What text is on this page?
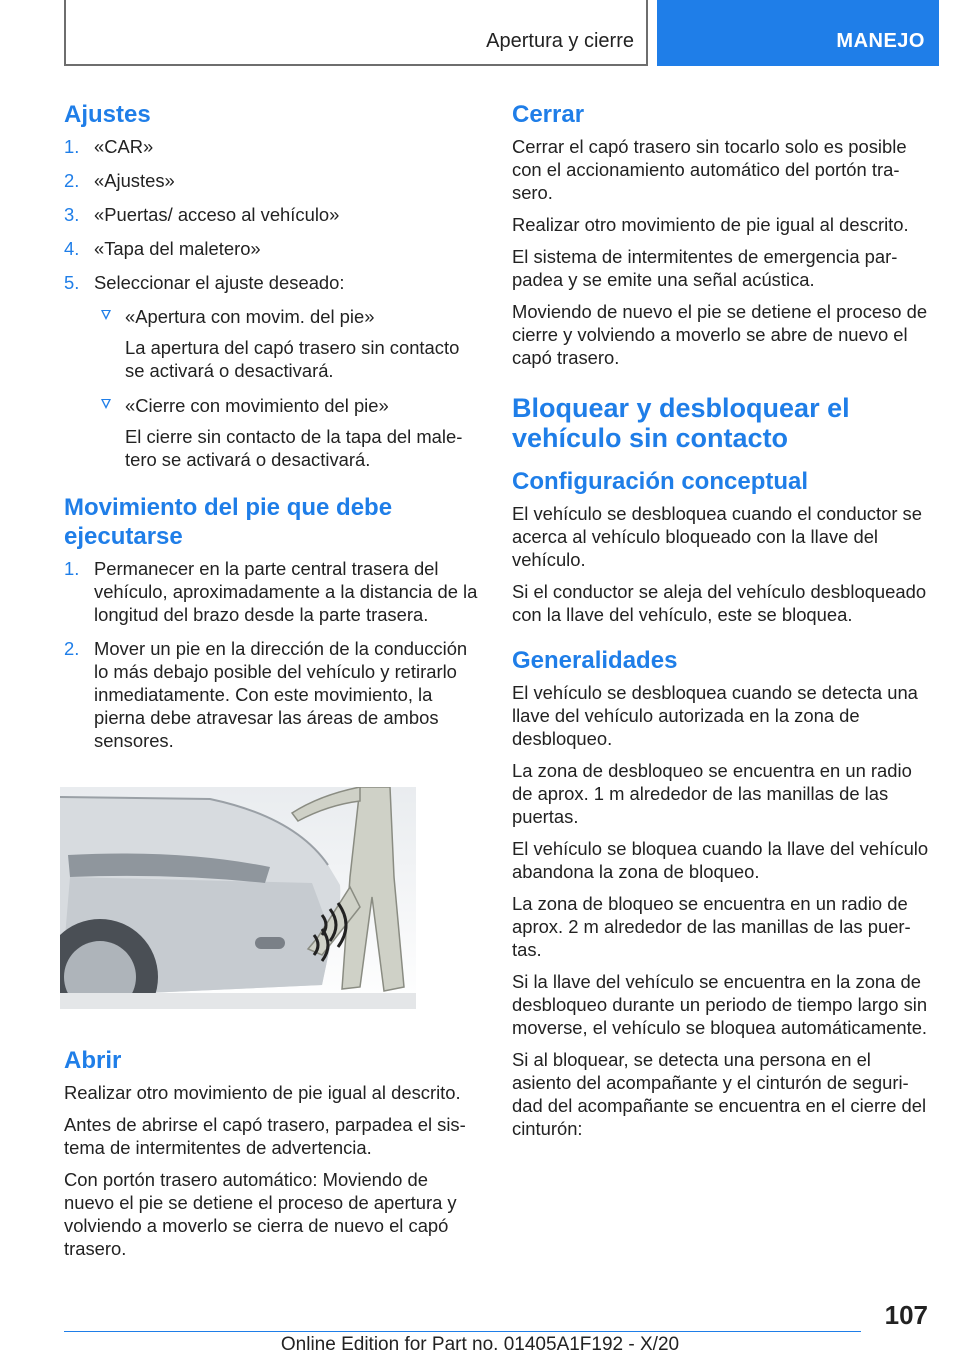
Apertura y cierre	MANEJO
Ajustes
1. «CAR»
2. «Ajustes»
3. «Puertas/ acceso al vehículo»
4. «Tapa del maletero»
5. Seleccionar el ajuste deseado:
«Apertura con movim. del pie»
La apertura del capó trasero sin contacto se activará o desactivará.
«Cierre con movimiento del pie»
El cierre sin contacto de la tapa del maletero se activará o desactivará.
Movimiento del pie que debe ejecutarse
1. Permanecer en la parte central trasera del vehículo, aproximadamente a la distancia de la longitud del brazo desde la parte trasera.
2. Mover un pie en la dirección de la conducción lo más debajo posible del vehículo y retirarlo inmediatamente. Con este movimiento, la pierna debe atravesar las áreas de ambos sensores.
Abrir

Realizar otro movimiento de pie igual al descrito.

Antes de abrirse el capó trasero, parpadea el sistema de intermitentes de advertencia.

Con portón trasero automático: Moviendo de nuevo el pie se detiene el proceso de apertura y volviendo a moverlo se cierra de nuevo el capó trasero.

Cerrar

Cerrar el capó trasero sin tocarlo solo es posible con el accionamiento automático del portón trasero.

Realizar otro movimiento de pie igual al descrito.

El sistema de intermitentes de emergencia parpadea y se emite una señal acústica.

Moviendo de nuevo el pie se detiene el proceso de cierre y volviendo a moverlo se abre de nuevo el capó trasero.

Bloquear y desbloquear el vehículo sin contacto
Configuración conceptual

El vehículo se desbloquea cuando el conductor se acerca al vehículo bloqueado con la llave del vehículo.

Si el conductor se aleja del vehículo desbloqueado con la llave del vehículo, este se bloquea.

Generalidades

El vehículo se desbloquea cuando se detecta una llave del vehículo autorizada en la zona de desbloqueo.

La zona de desbloqueo se encuentra en un radio de aprox. 1 m alrededor de las manillas de las puertas.

El vehículo se bloquea cuando la llave del vehículo abandona la zona de bloqueo.

La zona de bloqueo se encuentra en un radio de aprox. 2 m alrededor de las manillas de las puertas.

Si la llave del vehículo se encuentra en la zona de desbloqueo durante un periodo de tiempo largo sin moverse, el vehículo se bloquea automáticamente.

Si al bloquear, se detecta una persona en el asiento del acompañante y el cinturón de seguridad del acompañante se encuentra en el cierre del cinturón:

107
Online Edition for Part no. 01405A1F192 - X/20
